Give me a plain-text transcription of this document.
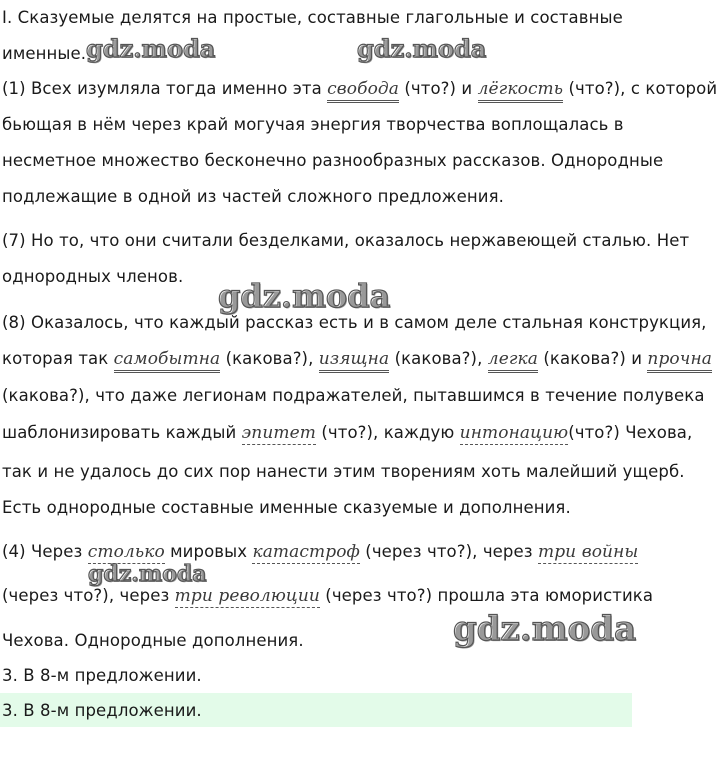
I. Сказуемые делятся на простые, составные глагольные и составные
именные.
(1) Всех изумляла тогда именно эта свобода (что?) и лёгкость (что?), с которой
бьющая в нём через край могучая энергия творчества воплощалась в
несметное множество бесконечно разнообразных рассказов. Однородные
подлежащие в одной из частей сложного предложения.
(7) Но то, что они считали безделками, оказалось нержавеющей сталью. Нет
однородных членов.
(8) Оказалось, что каждый рассказ есть и в самом деле стальная конструкция,
которая так самобытна (какова?), изящна (какова?), легка (какова?) и прочна
(какова?), что даже легионам подражателей, пытавшимся в течение полувека
шаблонизировать каждый эпитет (что?), каждую интонацию(что?) Чехова,
так и не удалось до сих пор нанести этим творениям хоть малейший ущерб.
Есть однородные составные именные сказуемые и дополнения.
(4) Через столько мировых катастроф (через что?), через три войны
(через что?), через три революции (через что?) прошла эта юмористика
Чехова. Однородные дополнения.
3. В 8-м предложении.
3. В 8-м предложении.
gdz.moda	gdz.moda
gdz.moda
gdz.moda
gdz.moda
